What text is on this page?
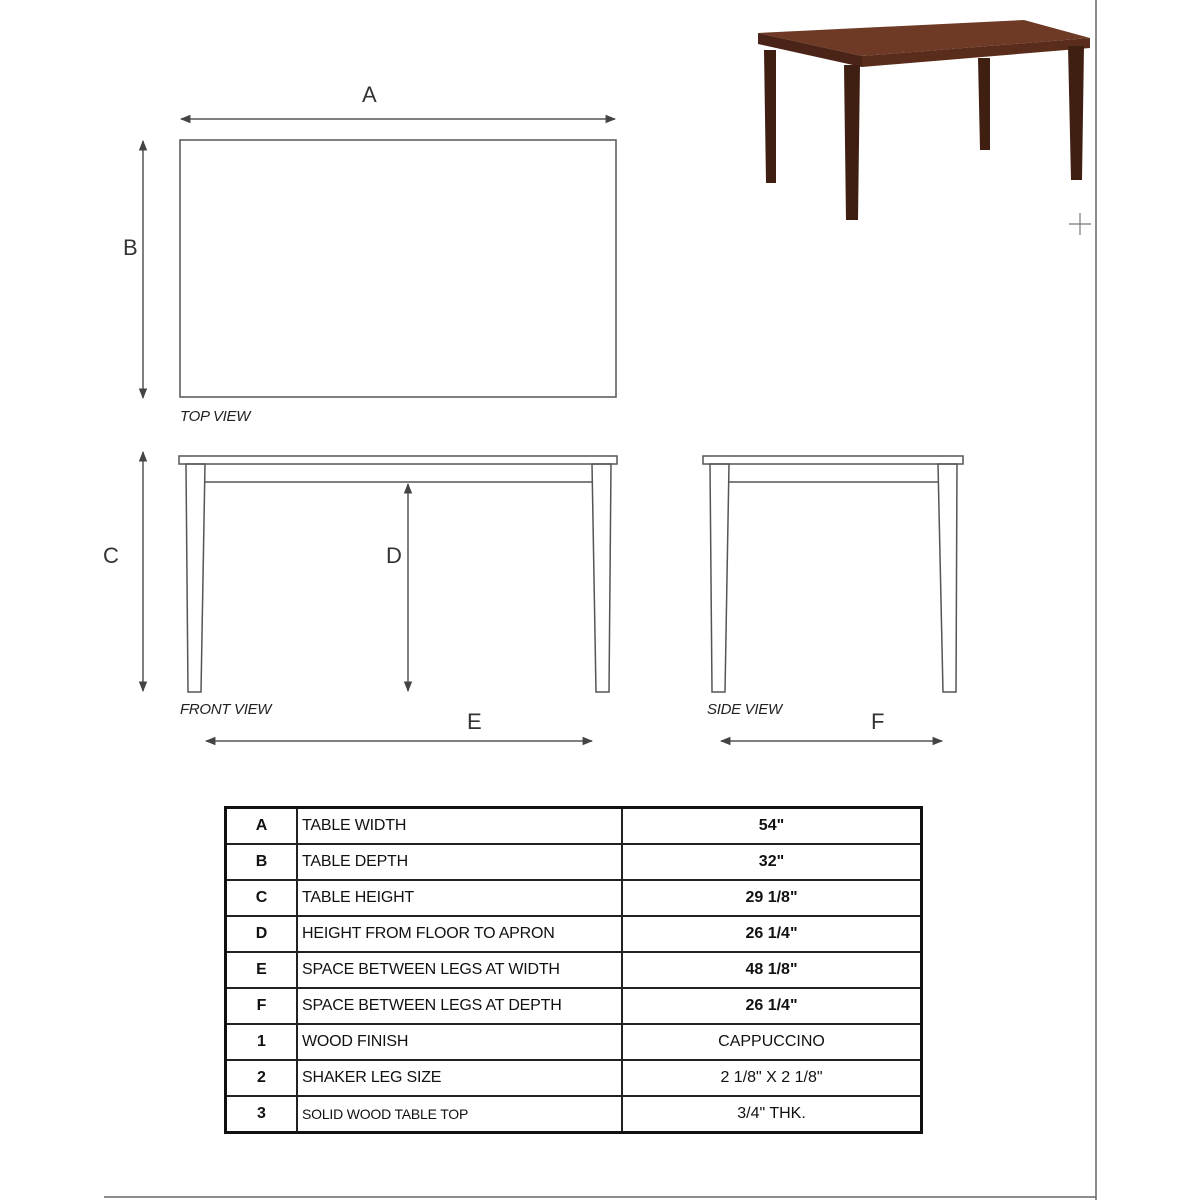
A
B
C	D
E	F
TOP VIEW
FRONT VIEW	SIDE VIEW
A	TABLE WIDTH	54"
B	TABLE DEPTH	32"
C	TABLE HEIGHT	29 1/8"
D	HEIGHT FROM FLOOR TO APRON	26 1/4"
E	SPACE BETWEEN LEGS AT WIDTH	48 1/8"
F	SPACE BETWEEN LEGS AT DEPTH	26 1/4"
1	WOOD FINISH	CAPPUCCINO
2	SHAKER LEG SIZE	2 1/8" X 2 1/8"
3	SOLID WOOD TABLE TOP	3/4" THK.
